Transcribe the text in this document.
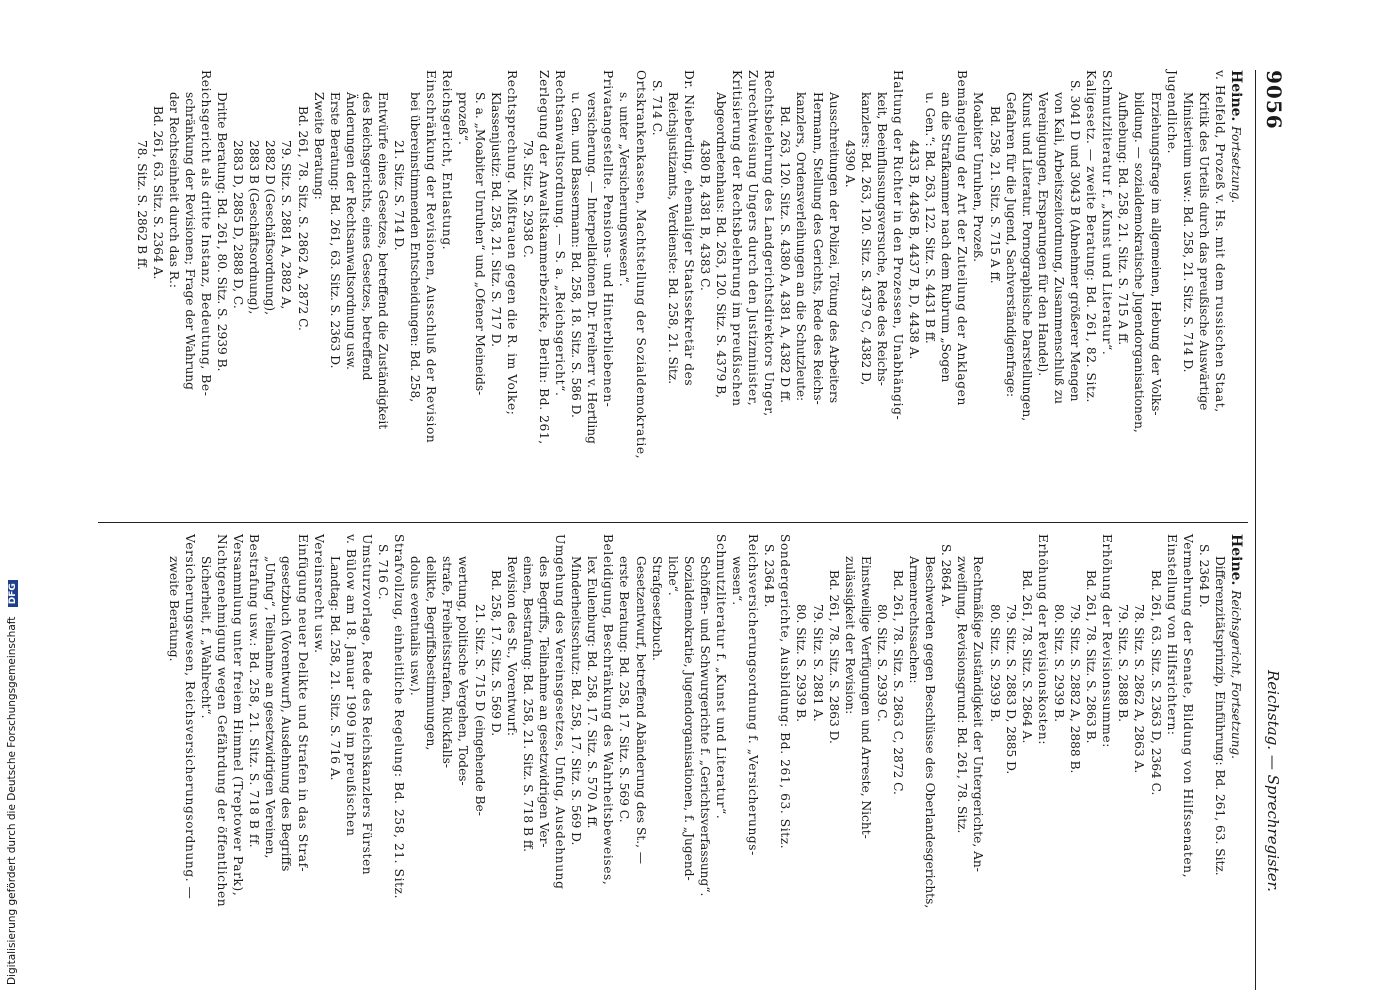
9056
Reichstag. — Sprechregister.
Heine. Fortsetzung.
v. Helfeld, Prozeß v. Hs. mit dem russischen Staat,
Kritik des Urteils durch das preußische Auswärtige
Ministerium usw.: Bd. 258, 21. Sitz. S. 714 D.
Jugendliche.
Erziehungsfrage im allgemeinen, Hebung der Volks-
bildung. — sozialdemokratische Jugendorganisationen,
Aufhebung: Bd. 258, 21. Sitz. S. 715 A ff.
Schmutzliteratur f. „Kunst und Literatur“.
Kaligesetz. — zweite Beratung: Bd. 261, 82. Sitz.
S. 3041 D und 3043 B (Abnehmer größerer Mengen
von Kali, Arbeitszeitordnung, Zusammenschluß zu
Vereinigungen, Ersparungen für den Handel).
Kunst und Literatur. Pornographische Darstellungen,
Gefahren für die Jugend, Sachverständigenfrage:
Bd. 258, 21. Sitz. S. 715 A ff.
Moabiter Unruhen, Prozeß.
Bemängelung der Art der Zuteilung der Anklagen
an die Strafkammer nach dem Rubrum „Sogen
u. Gen.“: Bd. 263, 122. Sitz. S. 4431 B ff.
4433 B, 4436 B, 4437 B, D, 4438 A.
Haltung der Richter in den Prozessen, Unabhängig-
keit, Beeinflussungsversuche, Rede des Reichs-
kanzlers: Bd. 263, 120. Sitz. S. 4379 C, 4382 D,
4390 A.
Ausschreitungen der Polizei, Tötung des Arbeiters
Hermann, Stellung des Gerichts, Rede des Reichs-
kanzlers, Ordensverleihungen an die Schutzleute:
Bd. 263, 120. Sitz. S. 4380 A, 4381 A, 4382 D ff.
Rechtsbelehrung des Landgerichtsdirektors Unger,
Zurechtweisung Ungers durch den Justizminister,
Kritisierung der Rechtsbelehrung im preußischen
Abgeordnetenhaus: Bd. 263, 120. Sitz. S. 4379 B,
4380 B, 4381 B, 4383 C.
Dr. Nieberding, ehemaliger Staatssekretär des
Reichsjustizamts, Verdienste: Bd. 258, 21. Sitz.
S. 714 C.
Ortskrankenkassen, Machtstellung der Sozialdemokratie,
s. unter „Versicherungswesen“.
Privatangestellte. Pensions- und Hinterbliebenen-
versicherung. — Interpellationen Dr. Freiherr v. Hertling
u. Gen. und Bassermann: Bd. 258, 18. Sitz. S. 586 D.
Rechtsanwaltsordnung. — S. a. „Reichsgericht“.
Zerlegung der Anwaltskammerbezirke, Berlin: Bd. 261,
79. Sitz. S. 2938 C.
Rechtsprechung. Mißtrauen gegen die R. im Volke;
Klassenjustiz: Bd. 258, 21. Sitz. S. 717 D.
S. a. „Moabiter Unruhen“ und „Ofener Meineids-
prozeß“.
Reichsgericht, Entlastung.
Einschränkung der Revisionen, Ausschluß der Revision
bei übereinstimmenden Entscheidungen: Bd. 258,
21. Sitz. S. 714 D.
Entwürfe eines Gesetzes, betreffend die Zuständigkeit
des Reichsgerichts, eines Gesetzes, betreffend
Änderungen der Rechtsanwaltsordnung usw.
Erste Beratung: Bd. 261, 63. Sitz. S. 2363 D.
Zweite Beratung:
Bd. 261, 78. Sitz. S. 2862 A, 2872 C.
79. Sitz. S. 2881 A, 2882 A,
2882 D (Geschäftsordnung),
2883 B (Geschäftsordnung),
2883 D, 2885 D, 2888 D, C.
Dritte Beratung: Bd. 261, 80. Sitz. S. 2939 B.
Reichsgericht als dritte Instanz, Bedeutung, Be-
schränkung der Revisionen; Frage der Wahrung
der Rechtseinheit durch das R.:
Bd. 261, 63. Sitz. S. 2364 A.
78. Sitz. S. 2862 B ff.
Heine. Reichsgericht, Fortsetzung.
Differenzitätsprinzip, Einführung: Bd. 261, 63. Sitz.
S. 2364 D.
Vermehrung der Senate, Bildung von Hilfssenaten,
Einstellung von Hilfsrichtern:
Bd. 261, 63. Sitz. S. 2363 D, 2364 C.
78. Sitz. S. 2862 A, 2863 A.
79. Sitz. S. 2888 B.
Erhöhung der Revisionssumme:
Bd. 261, 78. Sitz. S. 2863 B.
79. Sitz. S. 2882 A, 2888 B.
80. Sitz. S. 2939 B.
Erhöhung der Revisionskosten:
Bd. 261, 78. Sitz. S. 2864 A.
79. Sitz. S. 2883 D, 2885 D.
80. Sitz. S. 2939 B.
Rechtmäßige Zuständigkeit der Untergerichte, An-
zweiflung, Revisionsgrund: Bd. 261, 78. Sitz.
S. 2864 A.
Beschwerden gegen Beschlüsse des Oberlandesgerichts,
Armenrechtssachen:
Bd. 261, 78. Sitz. S. 2863 C, 2872 C.
80. Sitz. S. 2939 C.
Einstweilige Verfügungen und Arreste, Nicht-
zulässigkeit der Revision:
Bd. 261, 78. Sitz. S. 2863 D.
79. Sitz. S. 2881 A.
80. Sitz. S. 2939 B.
Sondergerichte, Ausbildung: Bd. 261, 63. Sitz.
S. 2364 B.
Reichsversicherungsordnung f. „Versicherungs-
wesen“.
Schmutzliteratur f. „Kunst und Literatur“.
Schöffen- und Schwurgerichte f. „Gerichtsverfassung“.
Sozialdemokratie, Jugendorganisationen, f. „Jugend-
liche“.
Strafgesetzbuch.
Gesetzentwurf, betreffend Abänderung des St., —
erste Beratung: Bd. 258, 17. Sitz. S. 569 C.
Beleidigung, Beschränkung des Wahrheitsbeweises,
lex Eulenburg: Bd. 258, 17. Sitz. S. 570 A ff.
Minderheitsschutz: Bd. 258, 17. Sitz. S. 569 D.
Umgehung des Vereinsgesetzes, Unfug, Ausdehnung
des Begriffs, Teilnahme an gesetzwidrigen Ver-
einen, Bestrafung: Bd. 258, 21. Sitz. S. 718 B ff.
Revision des St., Vorentwurf:
Bd. 258, 17. Sitz. S. 569 D.
21. Sitz. S. 715 D (eingehende Be-
wertung, politische Vergehen, Todes-
strafe, Freiheitsstrafen, Rückfalls-
delikte, Begriffsbestimmungen,
dolus eventualis usw.).
Strafvollzug, einheitliche Regelung: Bd. 258, 21. Sitz.
S. 716 C.
Umsturzvorlage, Rede des Reichskanzlers Fürsten
v. Bülow am 18. Januar 1909 im preußischen
Landtag: Bd. 258, 21. Sitz. S. 716 A.
Vereinsrecht usw.
Einfügung neuer Delikte und Strafen in das Straf-
gesetzbuch (Vorentwurf), Ausdehnung des Begriffs
„Unfug“, Teilnahme an gesetzwidrigen Vereinen,
Bestrafung usw.: Bd. 258, 21. Sitz. S. 718 B ff.
Versammlung unter freiem Himmel (Treptower Park),
Nichtgenehmigung wegen Gefährdung der öffentlichen
Sicherheit, f. „Wahlrecht“.
Versicherungswesen, Reichsversicherungsordnung. —
zweite Beratung.
Digitalisierung gefördert durch die Deutsche Forschungsgemeinschaft DFG
